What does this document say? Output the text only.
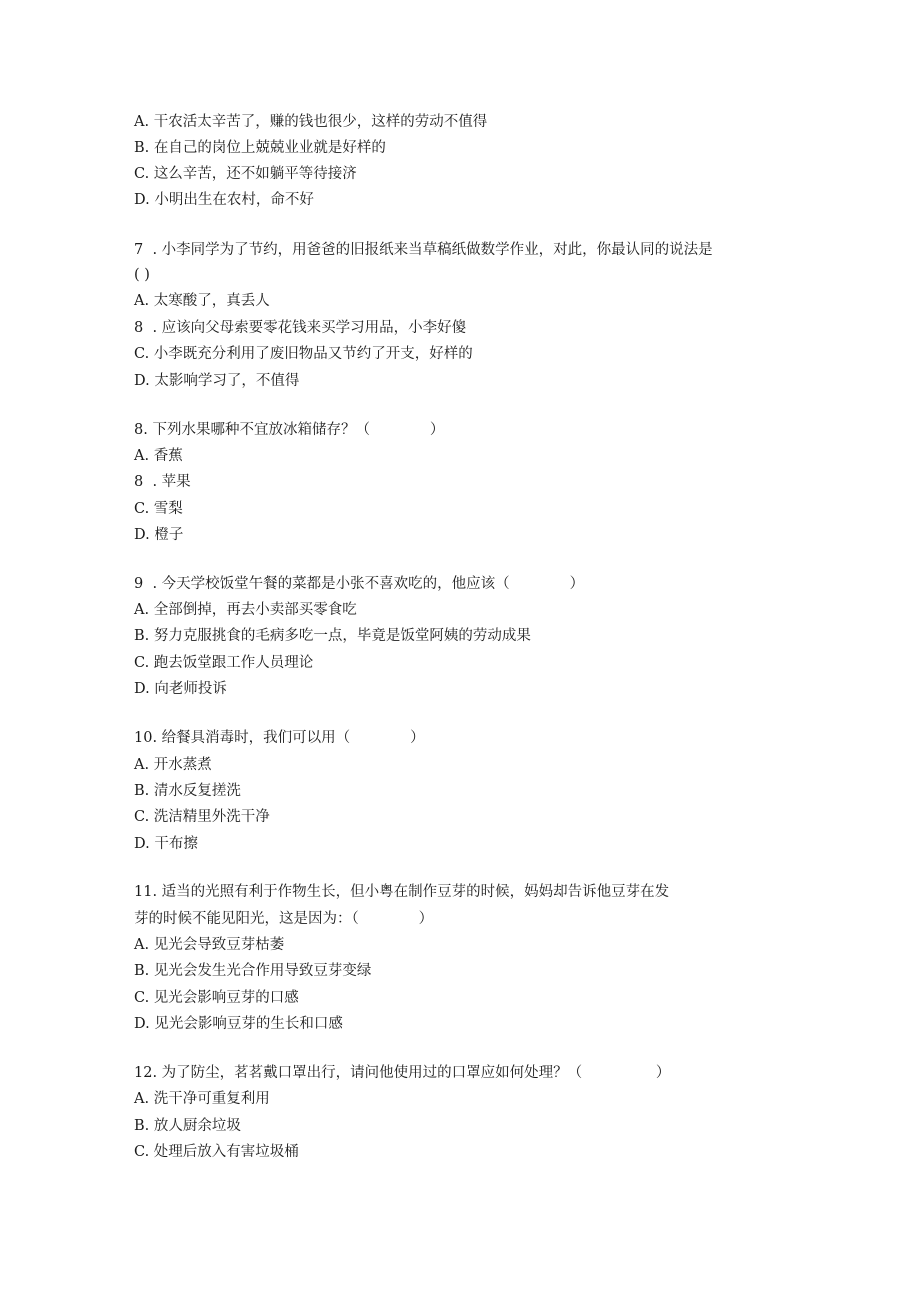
A. 干农活太辛苦了，赚的钱也很少，这样的劳动不值得
B. 在自己的岗位上兢兢业业就是好样的
C. 这么辛苦，还不如躺平等待接济
D. 小明出生在农村，命不好
7  . 小李同学为了节约，用爸爸的旧报纸来当草稿纸做数学作业，对此，你最认同的说法是
( )
A. 太寒酸了，真丢人
8  . 应该向父母索要零花钱来买学习用品，小李好傻
C. 小李既充分利用了废旧物品又节约了开支，好样的
D. 太影响学习了，不值得
8. 下列水果哪种不宜放冰箱储存？（             ）
A. 香蕉
8  . 苹果
C. 雪梨
D. 橙子
9  . 今天学校饭堂午餐的菜都是小张不喜欢吃的，他应该（             ）
A. 全部倒掉，再去小卖部买零食吃
B. 努力克服挑食的毛病多吃一点，毕竟是饭堂阿姨的劳动成果
C. 跑去饭堂跟工作人员理论
D. 向老师投诉
10. 给餐具消毒时，我们可以用（             ）
A. 开水蒸煮
B. 清水反复搓洗
C. 洗洁精里外洗干净
D. 干布擦
11. 适当的光照有利于作物生长，但小粤在制作豆芽的时候，妈妈却告诉他豆芽在发
芽的时候不能见阳光，这是因为：（             ）
A. 见光会导致豆芽枯萎
B. 见光会发生光合作用导致豆芽变绿
C. 见光会影响豆芽的口感
D. 见光会影响豆芽的生长和口感
12. 为了防尘，茗茗戴口罩出行，请问他使用过的口罩应如何处理？（                ）
A. 洗干净可重复利用
B. 放人厨余垃圾
C. 处理后放入有害垃圾桶
